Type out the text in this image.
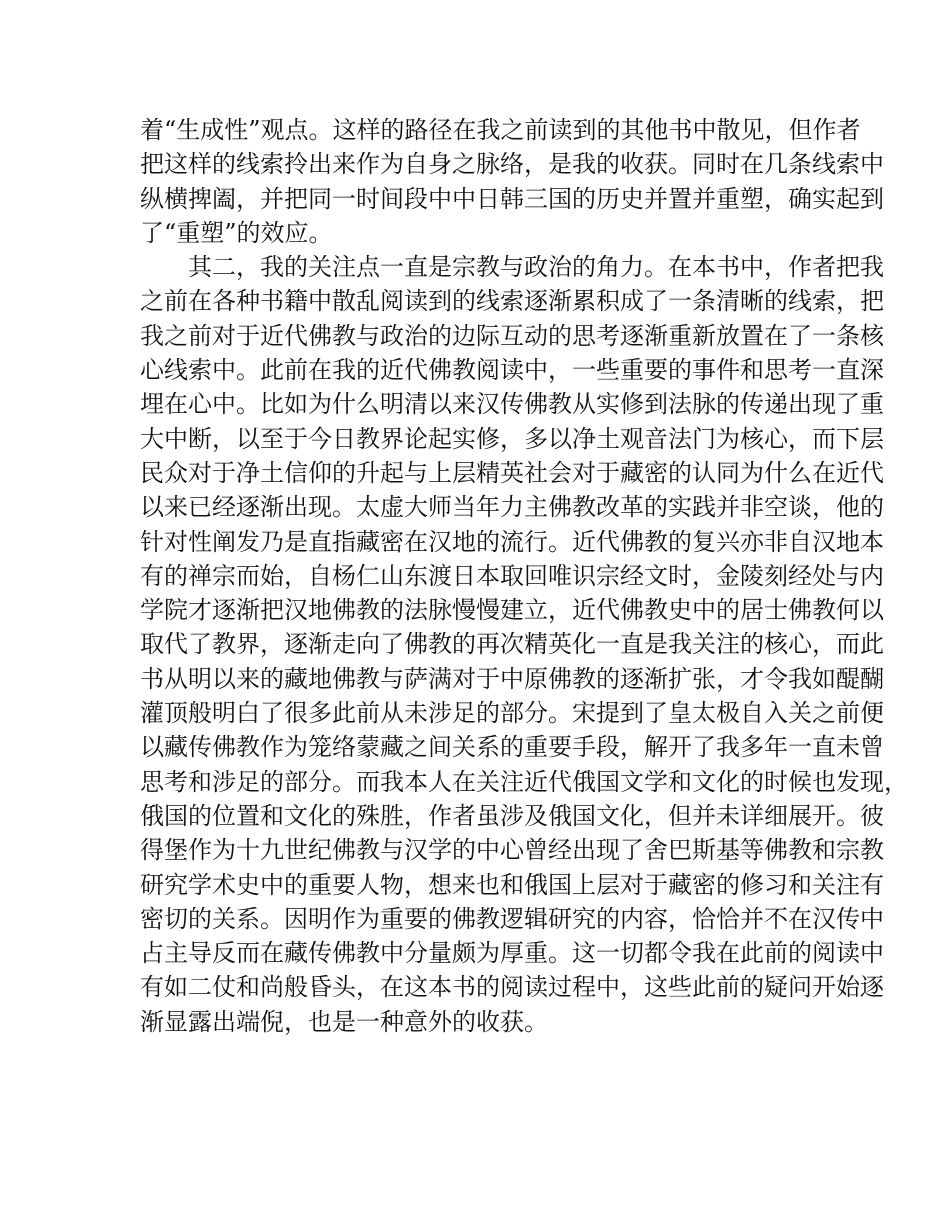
着“生成性”观点。这样的路径在我之前读到的其他书中散见，但作者
把这样的线索拎出来作为自身之脉络，是我的收获。同时在几条线索中
纵横捭阖，并把同一时间段中中日韩三国的历史并置并重塑，确实起到
了“重塑”的效应。
　　其二，我的关注点一直是宗教与政治的角力。在本书中，作者把我
之前在各种书籍中散乱阅读到的线索逐渐累积成了一条清晰的线索，把
我之前对于近代佛教与政治的边际互动的思考逐渐重新放置在了一条核
心线索中。此前在我的近代佛教阅读中，一些重要的事件和思考一直深
埋在心中。比如为什么明清以来汉传佛教从实修到法脉的传递出现了重
大中断，以至于今日教界论起实修，多以净土观音法门为核心，而下层
民众对于净土信仰的升起与上层精英社会对于藏密的认同为什么在近代
以来已经逐渐出现。太虚大师当年力主佛教改革的实践并非空谈，他的
针对性阐发乃是直指藏密在汉地的流行。近代佛教的复兴亦非自汉地本
有的禅宗而始，自杨仁山东渡日本取回唯识宗经文时，金陵刻经处与内
学院才逐渐把汉地佛教的法脉慢慢建立，近代佛教史中的居士佛教何以
取代了教界，逐渐走向了佛教的再次精英化一直是我关注的核心，而此
书从明以来的藏地佛教与萨满对于中原佛教的逐渐扩张，才令我如醍醐
灌顶般明白了很多此前从未涉足的部分。宋提到了皇太极自入关之前便
以藏传佛教作为笼络蒙藏之间关系的重要手段，解开了我多年一直未曾
思考和涉足的部分。而我本人在关注近代俄国文学和文化的时候也发现，
俄国的位置和文化的殊胜，作者虽涉及俄国文化，但并未详细展开。彼
得堡作为十九世纪佛教与汉学的中心曾经出现了舍巴斯基等佛教和宗教
研究学术史中的重要人物，想来也和俄国上层对于藏密的修习和关注有
密切的关系。因明作为重要的佛教逻辑研究的内容，恰恰并不在汉传中
占主导反而在藏传佛教中分量颇为厚重。这一切都令我在此前的阅读中
有如二仗和尚般昏头，在这本书的阅读过程中，这些此前的疑问开始逐
渐显露出端倪，也是一种意外的收获。
